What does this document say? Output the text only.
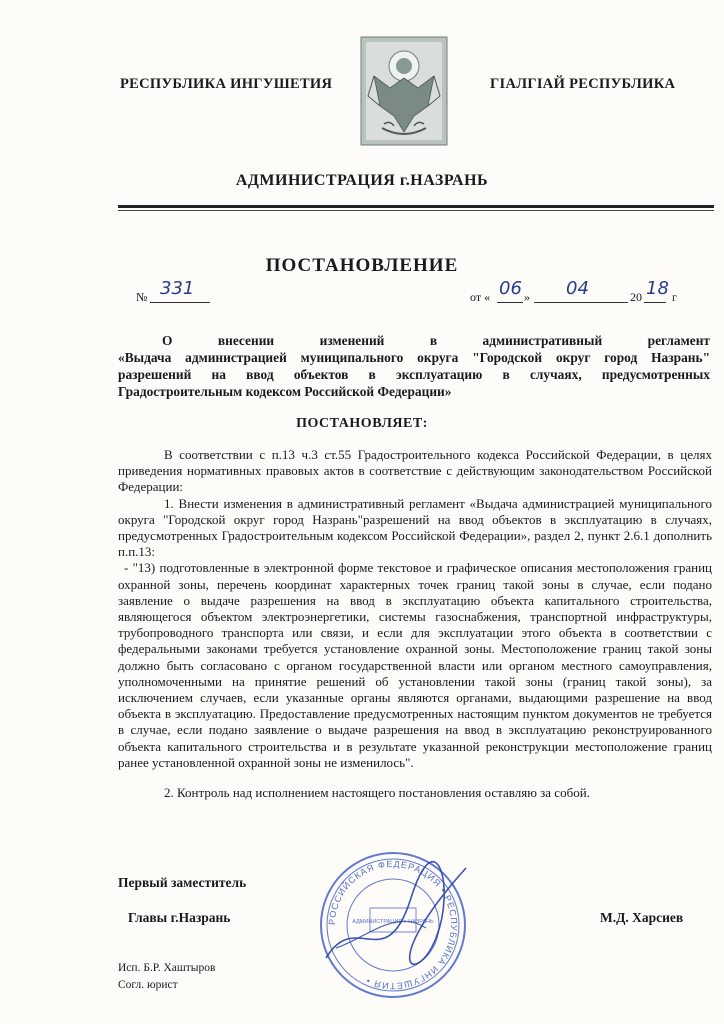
РЕСПУБЛИКА ИНГУШЕТИЯ	ГIАЛГIАЙ РЕСПУБЛИКА
АДМИНИСТРАЦИЯ г.НАЗРАНЬ
ПОСТАНОВЛЕНИЕ
№ 331	от « 06 » 04	20 18 г
О внесении изменений в административный регламент
«Выдача администрацией муниципального округа "Городской округ город Назрань"
разрешений на ввод объектов в эксплуатацию в случаях, предусмотренных
Градостроительным кодексом Российской Федерации»
ПОСТАНОВЛЯЕТ:

В соответствии с п.13 ч.3 ст.55 Градостроительного кодекса Российской Федерации, в целях приведения нормативных правовых актов в соответствие с действующим законодательством Российской Федерации:

1. Внести изменения в административный регламент «Выдача администрацией муниципального округа "Городской округ город Назрань"разрешений на ввод объектов в эксплуатацию в случаях, предусмотренных Градостроительным кодексом Российской Федерации», раздел 2, пункт 2.6.1 дополнить п.п.13:

- "13) подготовленные в электронной форме текстовое и графическое описания местоположения границ охранной зоны, перечень координат характерных точек границ такой зоны в случае, если подано заявление о выдаче разрешения на ввод в эксплуатацию объекта капитального строительства, являющегося объектом электроэнергетики, системы газоснабжения, транспортной инфраструктуры, трубопроводного транспорта или связи, и если для эксплуатации этого объекта в соответствии с федеральными законами требуется установление охранной зоны. Местоположение границ такой зоны должно быть согласовано с органом государственной власти или органом местного самоуправления, уполномоченными на принятие решений об установлении такой зоны (границ такой зоны), за исключением случаев, если указанные органы являются органами, выдающими разрешение на ввод объекта в эксплуатацию. Предоставление предусмотренных настоящим пунктом документов не требуется в случае, если подано заявление о выдаче разрешения на ввод в эксплуатацию реконструированного объекта капитального строительства и в результате указанной реконструкции местоположение границ ранее установленной охранной зоны не изменилось".

2. Контроль над исполнением настоящего постановления оставляю за собой.

РОССИЙСКАЯ ФЕДЕРАЦИЯ • РЕСПУБЛИКА ИНГУШЕТИЯ •
АДМИНИСТРАЦИЯ г. НАЗРАНЬ
Первый заместитель
Главы г.Назрань	М.Д. Харсиев
Исп. Б.Р. Хаштыров
Согл. юрист
